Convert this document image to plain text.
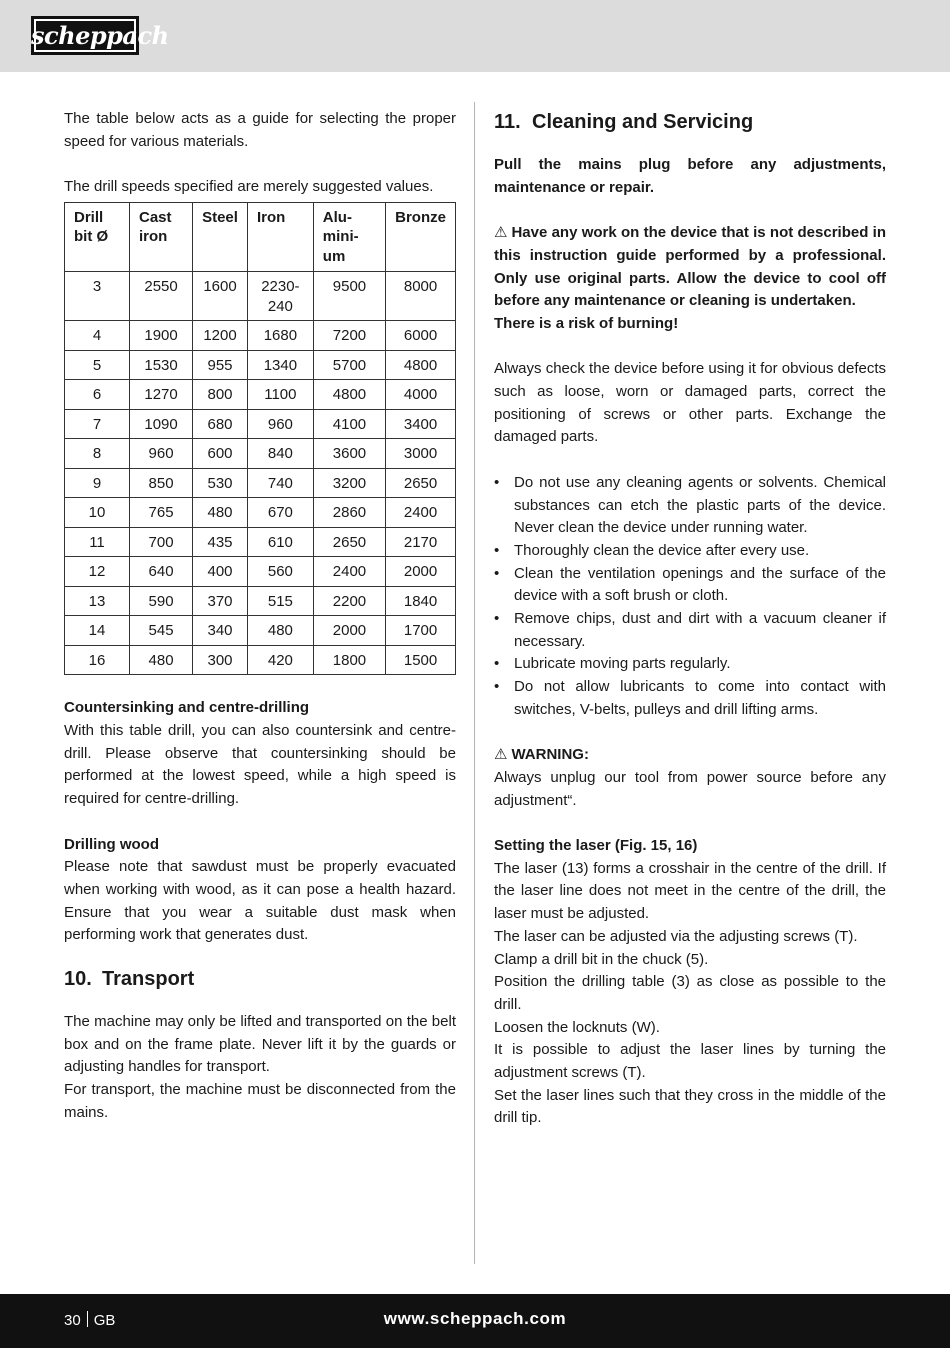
scheppach

The table below acts as a guide for selecting the proper speed for various materials.

The drill speeds specified are merely suggested values.

Drill bit Ø	Cast iron	Steel	Iron	Alu-mini-um	Bronze
3	2550	1600	2230-240	9500	8000
4	1900	1200	1680	7200	6000
5	1530	955	1340	5700	4800
6	1270	800	1100	4800	4000
7	1090	680	960	4100	3400
8	960	600	840	3600	3000
9	850	530	740	3200	2650
10	765	480	670	2860	2400
11	700	435	610	2650	2170
12	640	400	560	2400	2000
13	590	370	515	2200	1840
14	545	340	480	2000	1700
16	480	300	420	1800	1500

Countersinking and centre-drilling

With this table drill, you can also countersink and centre-drill. Please observe that countersinking should be performed at the lowest speed, while a high speed is required for centre-drilling.

Drilling wood

Please note that sawdust must be properly evacuated when working with wood, as it can pose a health hazard. Ensure that you wear a suitable dust mask when performing work that generates dust.

10. Transport

The machine may only be lifted and transported on the belt box and on the frame plate. Never lift it by the guards or adjusting handles for transport.

For transport, the machine must be disconnected from the mains.

11. Cleaning and Servicing

Pull the mains plug before any adjustments, maintenance or repair.

⚠ Have any work on the device that is not described in this instruction guide performed by a professional. Only use original parts. Allow the device to cool off before any maintenance or cleaning is undertaken.

There is a risk of burning!

Always check the device before using it for obvious defects such as loose, worn or damaged parts, correct the positioning of screws or other parts. Exchange the damaged parts.

• Do not use any cleaning agents or solvents. Chemical substances can etch the plastic parts of the device. Never clean the device under running water.
• Thoroughly clean the device after every use.
• Clean the ventilation openings and the surface of the device with a soft brush or cloth.
• Remove chips, dust and dirt with a vacuum cleaner if necessary.
• Lubricate moving parts regularly.
• Do not allow lubricants to come into contact with switches, V-belts, pulleys and drill lifting arms.

⚠ WARNING:

Always unplug our tool from power source before any adjustment“.

Setting the laser (Fig. 15, 16)

The laser (13) forms a crosshair in the centre of the drill. If the laser line does not meet in the centre of the drill, the laser must be adjusted.

The laser can be adjusted via the adjusting screws (T).

Clamp a drill bit in the chuck (5).

Position the drilling table (3) as close as possible to the drill.

Loosen the locknuts (W).

It is possible to adjust the laser lines by turning the adjustment screws (T).

Set the laser lines such that they cross in the middle of the drill tip.

30 GB	www.scheppach.com
